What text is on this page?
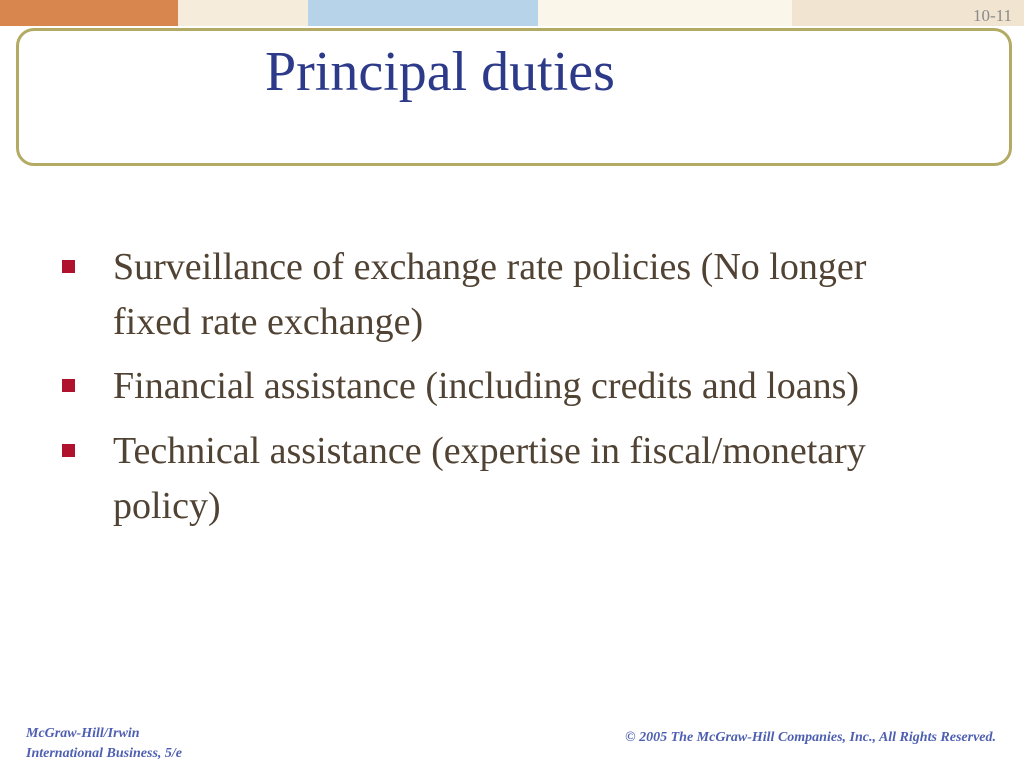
10-11
Principal duties
Surveillance of exchange rate policies (No longer fixed rate exchange)
Financial assistance (including credits and loans)
Technical assistance (expertise in fiscal/monetary policy)
McGraw-Hill/Irwin
International Business, 5/e
© 2005 The McGraw-Hill Companies, Inc., All Rights Reserved.
